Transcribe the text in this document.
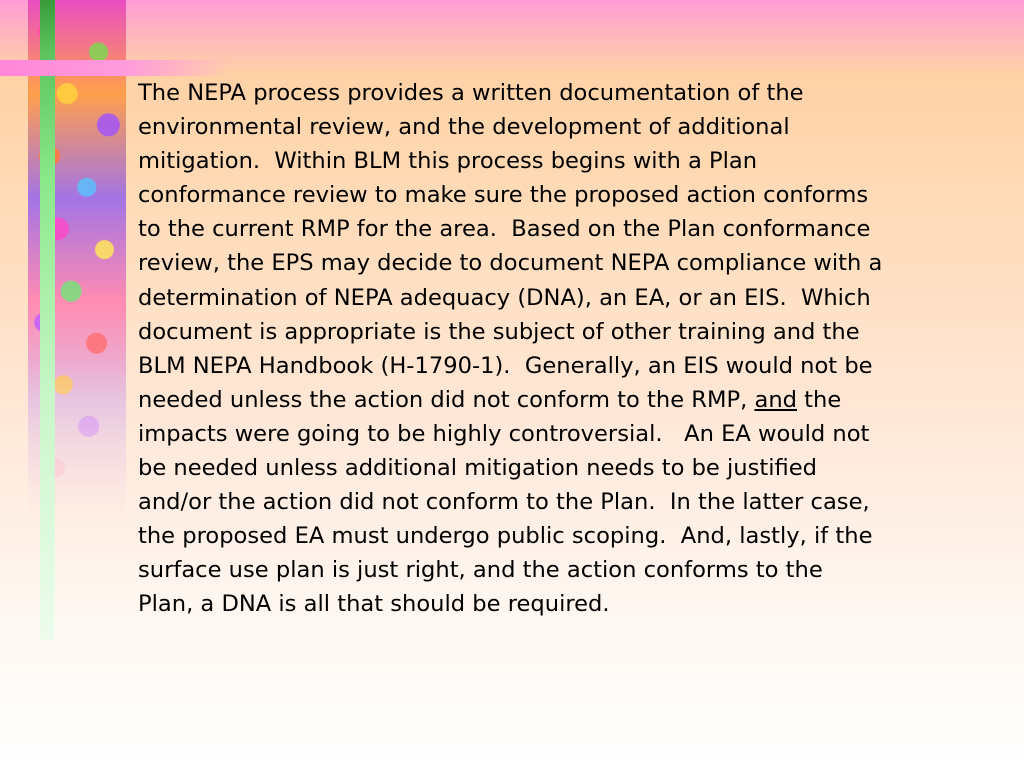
The NEPA process provides a written documentation of the
environmental review, and the development of additional
mitigation.  Within BLM this process begins with a Plan
conformance review to make sure the proposed action conforms
to the current RMP for the area.  Based on the Plan conformance
review, the EPS may decide to document NEPA compliance with a
determination of NEPA adequacy (DNA), an EA, or an EIS.  Which
document is appropriate is the subject of other training and the
BLM NEPA Handbook (H-1790-1).  Generally, an EIS would not be
needed unless the action did not conform to the RMP, and the
impacts were going to be highly controversial.   An EA would not
be needed unless additional mitigation needs to be justified
and/or the action did not conform to the Plan.  In the latter case,
the proposed EA must undergo public scoping.  And, lastly, if the
surface use plan is just right, and the action conforms to the
Plan, a DNA is all that should be required.
